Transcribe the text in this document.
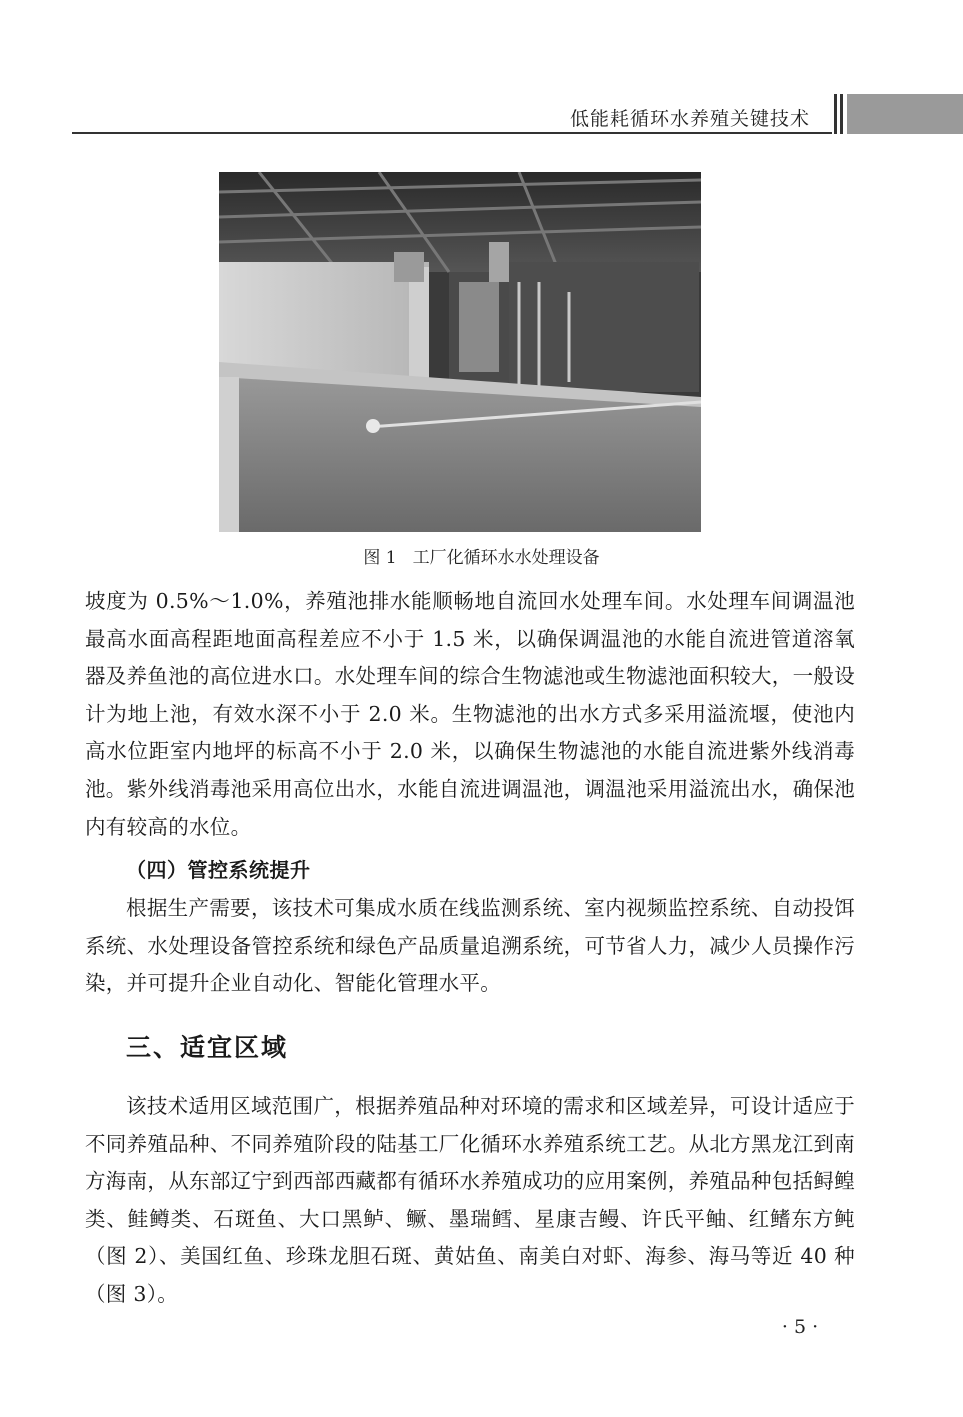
低能耗循环水养殖关键技术
图 1 工厂化循环水水处理设备

坡度为 0.5%～1.0%，养殖池排水能顺畅地自流回水处理车间。水处理车间调温池最高水面高程距地面高程差应不小于 1.5 米，以确保调温池的水能自流进管道溶氧器及养鱼池的高位进水口。水处理车间的综合生物滤池或生物滤池面积较大，一般设计为地上池，有效水深不小于 2.0 米。生物滤池的出水方式多采用溢流堰，使池内高水位距室内地坪的标高不小于 2.0 米，以确保生物滤池的水能自流进紫外线消毒池。紫外线消毒池采用高位出水，水能自流进调温池，调温池采用溢流出水，确保池内有较高的水位。

（四）管控系统提升

根据生产需要，该技术可集成水质在线监测系统、室内视频监控系统、自动投饵系统、水处理设备管控系统和绿色产品质量追溯系统，可节省人力，减少人员操作污染，并可提升企业自动化、智能化管理水平。

三、适宜区域

该技术适用区域范围广，根据养殖品种对环境的需求和区域差异，可设计适应于不同养殖品种、不同养殖阶段的陆基工厂化循环水养殖系统工艺。从北方黑龙江到南方海南，从东部辽宁到西部西藏都有循环水养殖成功的应用案例，养殖品种包括鲟鳇类、鲑鳟类、石斑鱼、大口黑鲈、鳜、墨瑞鳕、星康吉鳗、许氏平鲉、红鳍东方鲀（图 2）、美国红鱼、珍珠龙胆石斑、黄姑鱼、南美白对虾、海参、海马等近 40 种（图 3）。

· 5 ·
